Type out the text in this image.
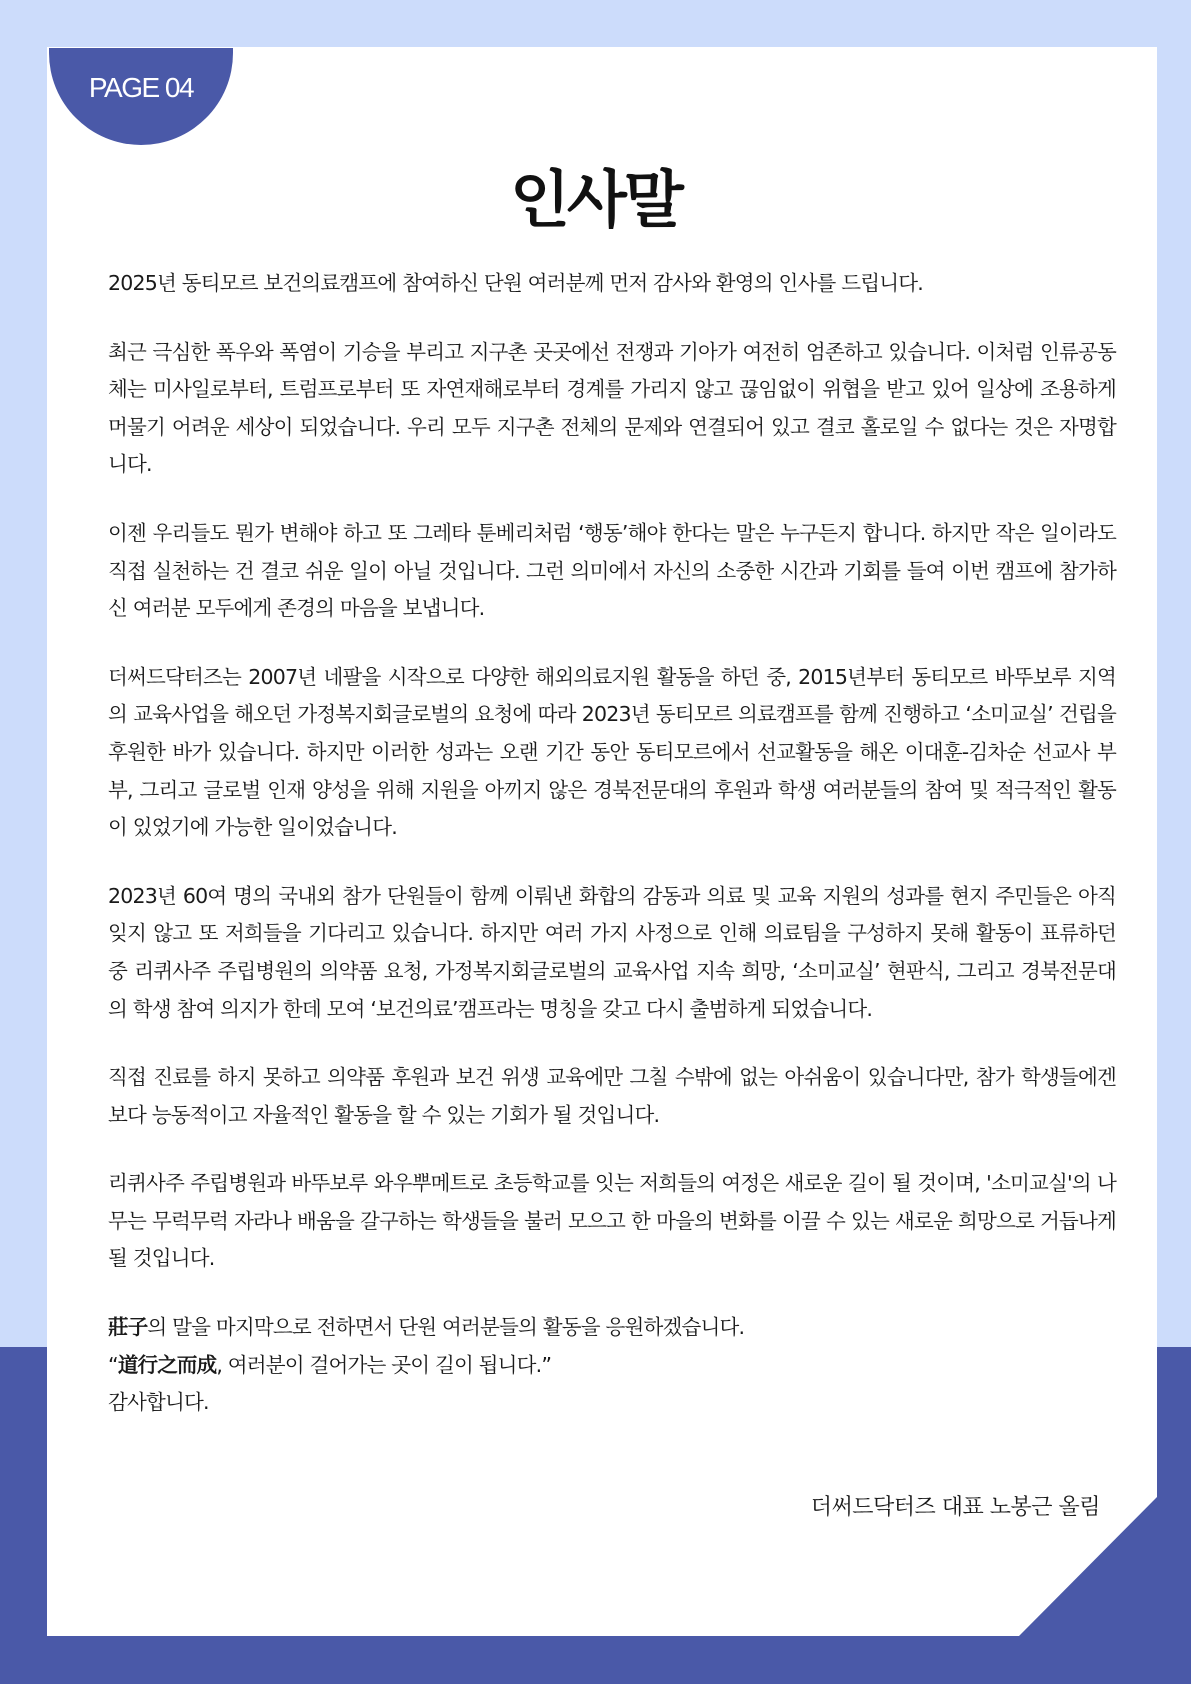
PAGE 04
인사말

2025년 동티모르 보건의료캠프에 참여하신 단원 여러분께 먼저 감사와 환영의 인사를 드립니다.

최근 극심한 폭우와 폭염이 기승을 부리고 지구촌 곳곳에선 전쟁과 기아가 여전히 엄존하고 있습니다. 이처럼 인류공동체는 미사일로부터, 트럼프로부터 또 자연재해로부터 경계를 가리지 않고 끊임없이 위협을 받고 있어 일상에 조용하게 머물기 어려운 세상이 되었습니다. 우리 모두 지구촌 전체의 문제와 연결되어 있고 결코 홀로일 수 없다는 것은 자명합니다.

이젠 우리들도 뭔가 변해야 하고 또 그레타 툰베리처럼 ‘행동’해야 한다는 말은 누구든지 합니다. 하지만 작은 일이라도 직접 실천하는 건 결코 쉬운 일이 아닐 것입니다. 그런 의미에서 자신의 소중한 시간과 기회를 들여 이번 캠프에 참가하신 여러분 모두에게 존경의 마음을 보냅니다.

더써드닥터즈는 2007년 네팔을 시작으로 다양한 해외의료지원 활동을 하던 중, 2015년부터 동티모르 바뚜보루 지역의 교육사업을 해오던 가정복지회글로벌의 요청에 따라 2023년 동티모르 의료캠프를 함께 진행하고 ‘소미교실’ 건립을 후원한 바가 있습니다. 하지만 이러한 성과는 오랜 기간 동안 동티모르에서 선교활동을 해온 이대훈-김차순 선교사 부부, 그리고 글로벌 인재 양성을 위해 지원을 아끼지 않은 경북전문대의 후원과 학생 여러분들의 참여 및 적극적인 활동이 있었기에 가능한 일이었습니다.

2023년 60여 명의 국내외 참가 단원들이 함께 이뤄낸 화합의 감동과 의료 및 교육 지원의 성과를 현지 주민들은 아직 잊지 않고 또 저희들을 기다리고 있습니다. 하지만 여러 가지 사정으로 인해 의료팀을 구성하지 못해 활동이 표류하던 중 리퀴사주 주립병원의 의약품 요청, 가정복지회글로벌의 교육사업 지속 희망, ‘소미교실’ 현판식, 그리고 경북전문대의 학생 참여 의지가 한데 모여 ‘보건의료’캠프라는 명칭을 갖고 다시 출범하게 되었습니다.

직접 진료를 하지 못하고 의약품 후원과 보건 위생 교육에만 그칠 수밖에 없는 아쉬움이 있습니다만, 참가 학생들에겐 보다 능동적이고 자율적인 활동을 할 수 있는 기회가 될 것입니다.

리퀴사주 주립병원과 바뚜보루 와우뿌메트로 초등학교를 잇는 저희들의 여정은 새로운 길이 될 것이며, '소미교실'의 나무는 무럭무럭 자라나 배움을 갈구하는 학생들을 불러 모으고 한 마을의 변화를 이끌 수 있는 새로운 희망으로 거듭나게 될 것입니다.

莊子의 말을 마지막으로 전하면서 단원 여러분들의 활동을 응원하겠습니다.
“道行之而成, 여러분이 걸어가는 곳이 길이 됩니다.”
감사합니다.
더써드닥터즈 대표 노봉근 올림
